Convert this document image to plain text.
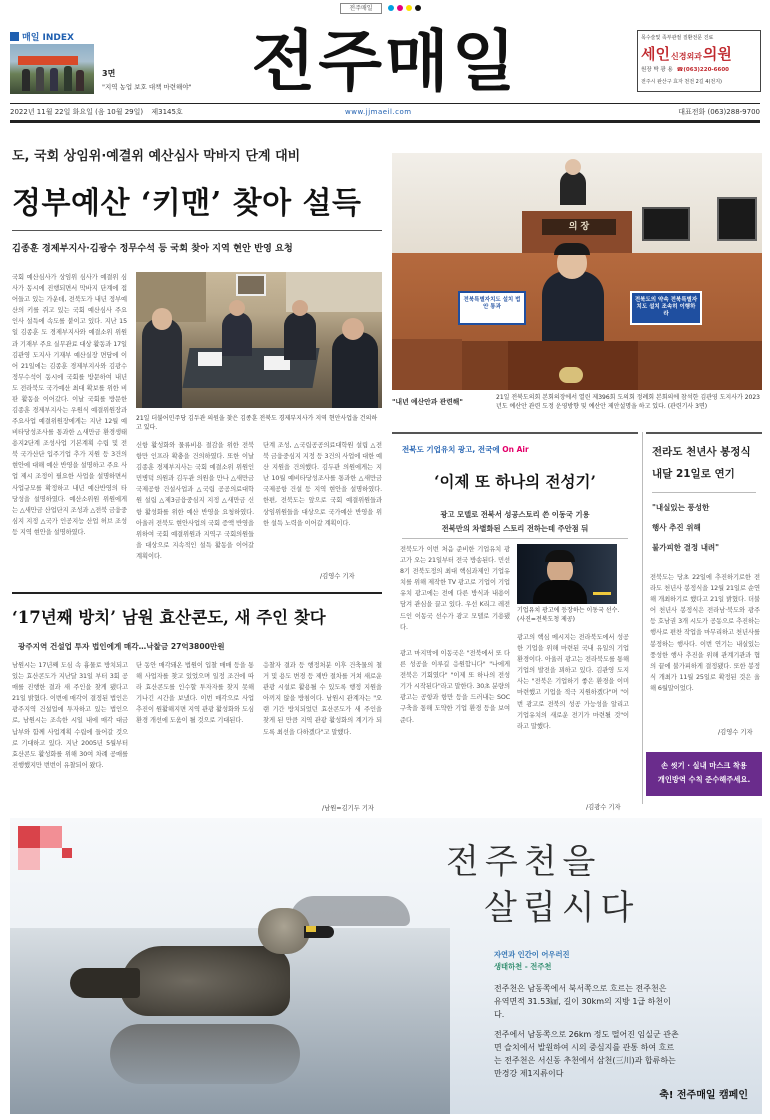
전주매일
매일 INDEX
3면
"지역 농업 보호 대책 마련해야" 전주매일	목수술및 족부관절 질환전문 진료
세인신경외과의원
원장 박 광 용 ☎(063)220-6600
전주시 완산구 효자 천전 2길 4(전지)
2022년 11월 22일 화요일 (음 10월 29일) 제3145호	www.jjmaeil.com	대표전화 (063)288-9700
도, 국회 상임위·예결위 예산심사 막바지 단계 대비
정부예산 ‘키맨’ 찾아 설득
김종훈 경제부지사·김광수 정무수석 등 국회 찾아 지역 현안 반영 요청
국회 예산심사가 상임위 심사가 예결위 심사가 동시에 진행되면서 막바지 단계에 접어들고 있는 가운데, 전북도가 내년 정부예산의 키를 쥐고 있는 국회 예산심사 주요 인사 설득에 속도를 붙이고 있다. 지난 15일 김종훈 도 경제부지사와 예결소위 위원과 기재부 주요 실무관료 대상 활동과 17일 김관영 도지사 기재부 예산실장 면담에 이어 21일에는 김종훈 경제부지사와 김광수 정무수석이 동시에 국회를 방문하여 내년도 전라북도 국가예산 최대 확보를 위한 비판 활동을 이어갔다. 이날 국회를 방문한 김종훈 경제부지사는 우원식 예결위원장과
주요사업 예결위원장에게는 지난 12월 예비타당성조사를 통과한 △새만금 환경생태용지2단계 조성사업 기본계획 수립 및 전북 국가산단 입주기업 추가 지원 등 3건의 현안에 대해 예산 반영을 설명하고 주요 사업 제시 조정이 필요한 사업을 설명하면서 사업규모를 확정하고 내년 예산반영의 타당성을 설명하였다. 예산소위원 위원에게는 △새만금 산업단지 조성과 △전북 금융중심지 지정 △국가 인공지능 산업 허브 조성 등 지역 현안을 설명하였다.
21일 더불어민주당 김두관 의원을 찾은 김종훈 전북도 경제부지사가 지역 현안사업을 건의하고 있다.
신항 활성화와 물류비용 절감을 위한 전북 항만 인프라 확충을 건의하였다. 또한 이날 김종훈 경제부지사는 국회 예결소위 위원인 민병덕 의원과 김두관 의원을 만나 △새만금 국제공항 건설사업과 △국립 공공의료대학원 설립 △제3금융중심지 지정 △새만금 신항 활성화를 위한 예산 반영을 요청하였다. 아울러 전북도 현안사업의 국회 증액 반영을 위하여 국회 예결위원과 지역구 국회의원들을 대상으로 지속적인 설득 활동을 이어갈 계획이다.
단계 조성, △국립공공의료대학원 설립 △전북 금융중심지 지정 등 3건의 사업에 대한 예산 지원을 건의했다. 김두관 의원에게는 지난 10월 예비타당성조사를 통과한 △새만금 국제공항 건설 등 지역 현안을 설명하였다. 한편, 전북도는 앞으로 국회 예결위원들과 상임위원들을 대상으로 국가예산 반영을 위한 설득 노력을 이어갈 계획이다.
/김영수 기자
의 장
전북특별자치도 설치 법안 통과
전북도의 약속 전북특별자치도 설치 조속히 이행하라
"내년 예산안과 관련해"
21일 전북도의회 본회의장에서 열린 제396회 도의회 정례회 본회의에 참석한 김관영 도지사가 2023년도 예산안 관련 도정 운영방향 및 예산안 제안설명을 하고 있다. (관련기사 3면)
전북도 기업유치 광고, 전국에 On Air
‘이제 또 하나의 전성기’
광고 모델로 전북서 성공스토리 쓴 이동국 기용
전북만의 차별화된 스토리 전하는데 주안점 둬
전북도가 이번 처음 준비한 기업유치 광고가 오는 21일부터 전국 방송된다. 민선 8기 전북도정의 최대 핵심과제인 기업유치를 위해 제작한 TV 광고로 기업이 기업유치 광고에는 전에 다른 방식과 내용이 담겨 관심을 끌고 있다. 우선 K리그 레전드인 이동국 선수가 광고 모델로 기용됐다.
기업유치 광고에 등장하는 이동국 선수. (사진=전북도청 제공)
광고 마지막에 이동국은 "전북에서 또 다른 성공을 이루길 응원합니다" "나에게 전북은 기회였다" "이제 또 하나의 전성기가 시작된다"라고 말한다. 30초 분량의 광고는 공항과 항만 등을 드러내는 SOC 구축을 통해 도약한 기업 환경 등을 보여준다.
광고의 핵심 메시지는 전라북도에서 성공한 기업을 위해 마련된 국내 유일의 기업환경이다. 아울러 광고는 전라북도를 통해 기업의 발전을 꾀하고 있다. 김관영 도지사는 "전북은 기업하기 좋은 환경을 이미 마련했고 기업을 적극 지원하겠다"며 "이번 광고로 전북의 성공 가능성을 알리고 기업유치의 새로운 전기가 마련될 것"이라고 말했다.
/김광수 기자
전라도 천년사 봉정식
내달 21일로 연기
"내실있는 풍성한
행사 추진 위해
불가피한 결정 내려"
전북도는 당초 22일에 추진하기로한 전라도 천년사 봉정식을 12월 21일로 순연해 개최하기로 했다고 21일 밝혔다. 더불어 천년사 봉정식은 전라남·북도와 광주 등 호남권 3개 시도가 공동으로 추진하는 행사로 편찬 작업을 마무리하고 천년사를 봉정하는 행사다. 이번 연기는 내실있는 풍성한 행사 추진을 위해 관계기관과 협의 끝에 불가피하게 결정됐다. 또한 봉정식 개최가 11월 25일로 확정된 것은 올해 6월말이었다.
/김영수 기자
손 씻기 · 실내 마스크 착용
개인방역 수칙 준수해주세요.
‘17년째 방치’ 남원 효산콘도, 새 주인 찾다
광주지역 건설업 투자 법인에게 매각…낙찰금 27억3800만원
남원시는 17년째 도심 속 흉물로 방치되고 있는 효산콘도가 지난달 31일 부터 3회 공매를 진행한 결과 새 주인을 찾게 됐다고 21일 밝혔다. 이번에 매각이 결정된 법인은 광주지역 건설업에 투자하고 있는 법인으로, 남원시는 조속한 시일 내에 매각 대금 납부와 함께 사업계획 수립에 들어갈 것으로 기대하고 있다. 지난 2005년 5월부터 효산콘도 활성화를 위해 30여 차례 공매를 진행했지만 번번이 유찰되어 왔다.
단 동안 매각돼온 법원이 입찰 매매 등을 통해 사업자를 찾고 있었으며 일정 조건에 따라 효산콘도를 인수할 투자자를 찾지 못해 기나긴 시간을 보냈다. 이번 매각으로 사업 추진이 원활해지면 지역 관광 활성화와 도심 환경 개선에 도움이 될 것으로 기대된다.
응찰자 결과 등 행정처분 이후 건축물의 철거 및 용도 변경 등 제반 절차를 거쳐 새로운 관광 시설로 활용될 수 있도록 행정 지원을 아끼지 않을 방침이다. 남원시 관계자는 "오랜 기간 방치되었던 효산콘도가 새 주인을 찾게 된 만큼 지역 관광 활성화의 계기가 되도록 최선을 다하겠다"고 말했다.
/남원=김기두 기자
전주천을
살립시다
자연과 인간이 어우러진
생태하천 - 전주천
전주천은 남동쪽에서 북서쪽으로 흐르는 전주천은 유역면적 31.53㎢, 길이 30km의 지방 1급 하천이다.
전주에서 남동쪽으로 26km 정도 떨어진 임실군 관촌면 슬치에서 발원하여 시의 중심지를 관통 하여 흐르는 전주천은 서신동 추천에서 삼천(三川)과 합류하는 만경강 제1지류이다
축! 전주매일 캠페인
